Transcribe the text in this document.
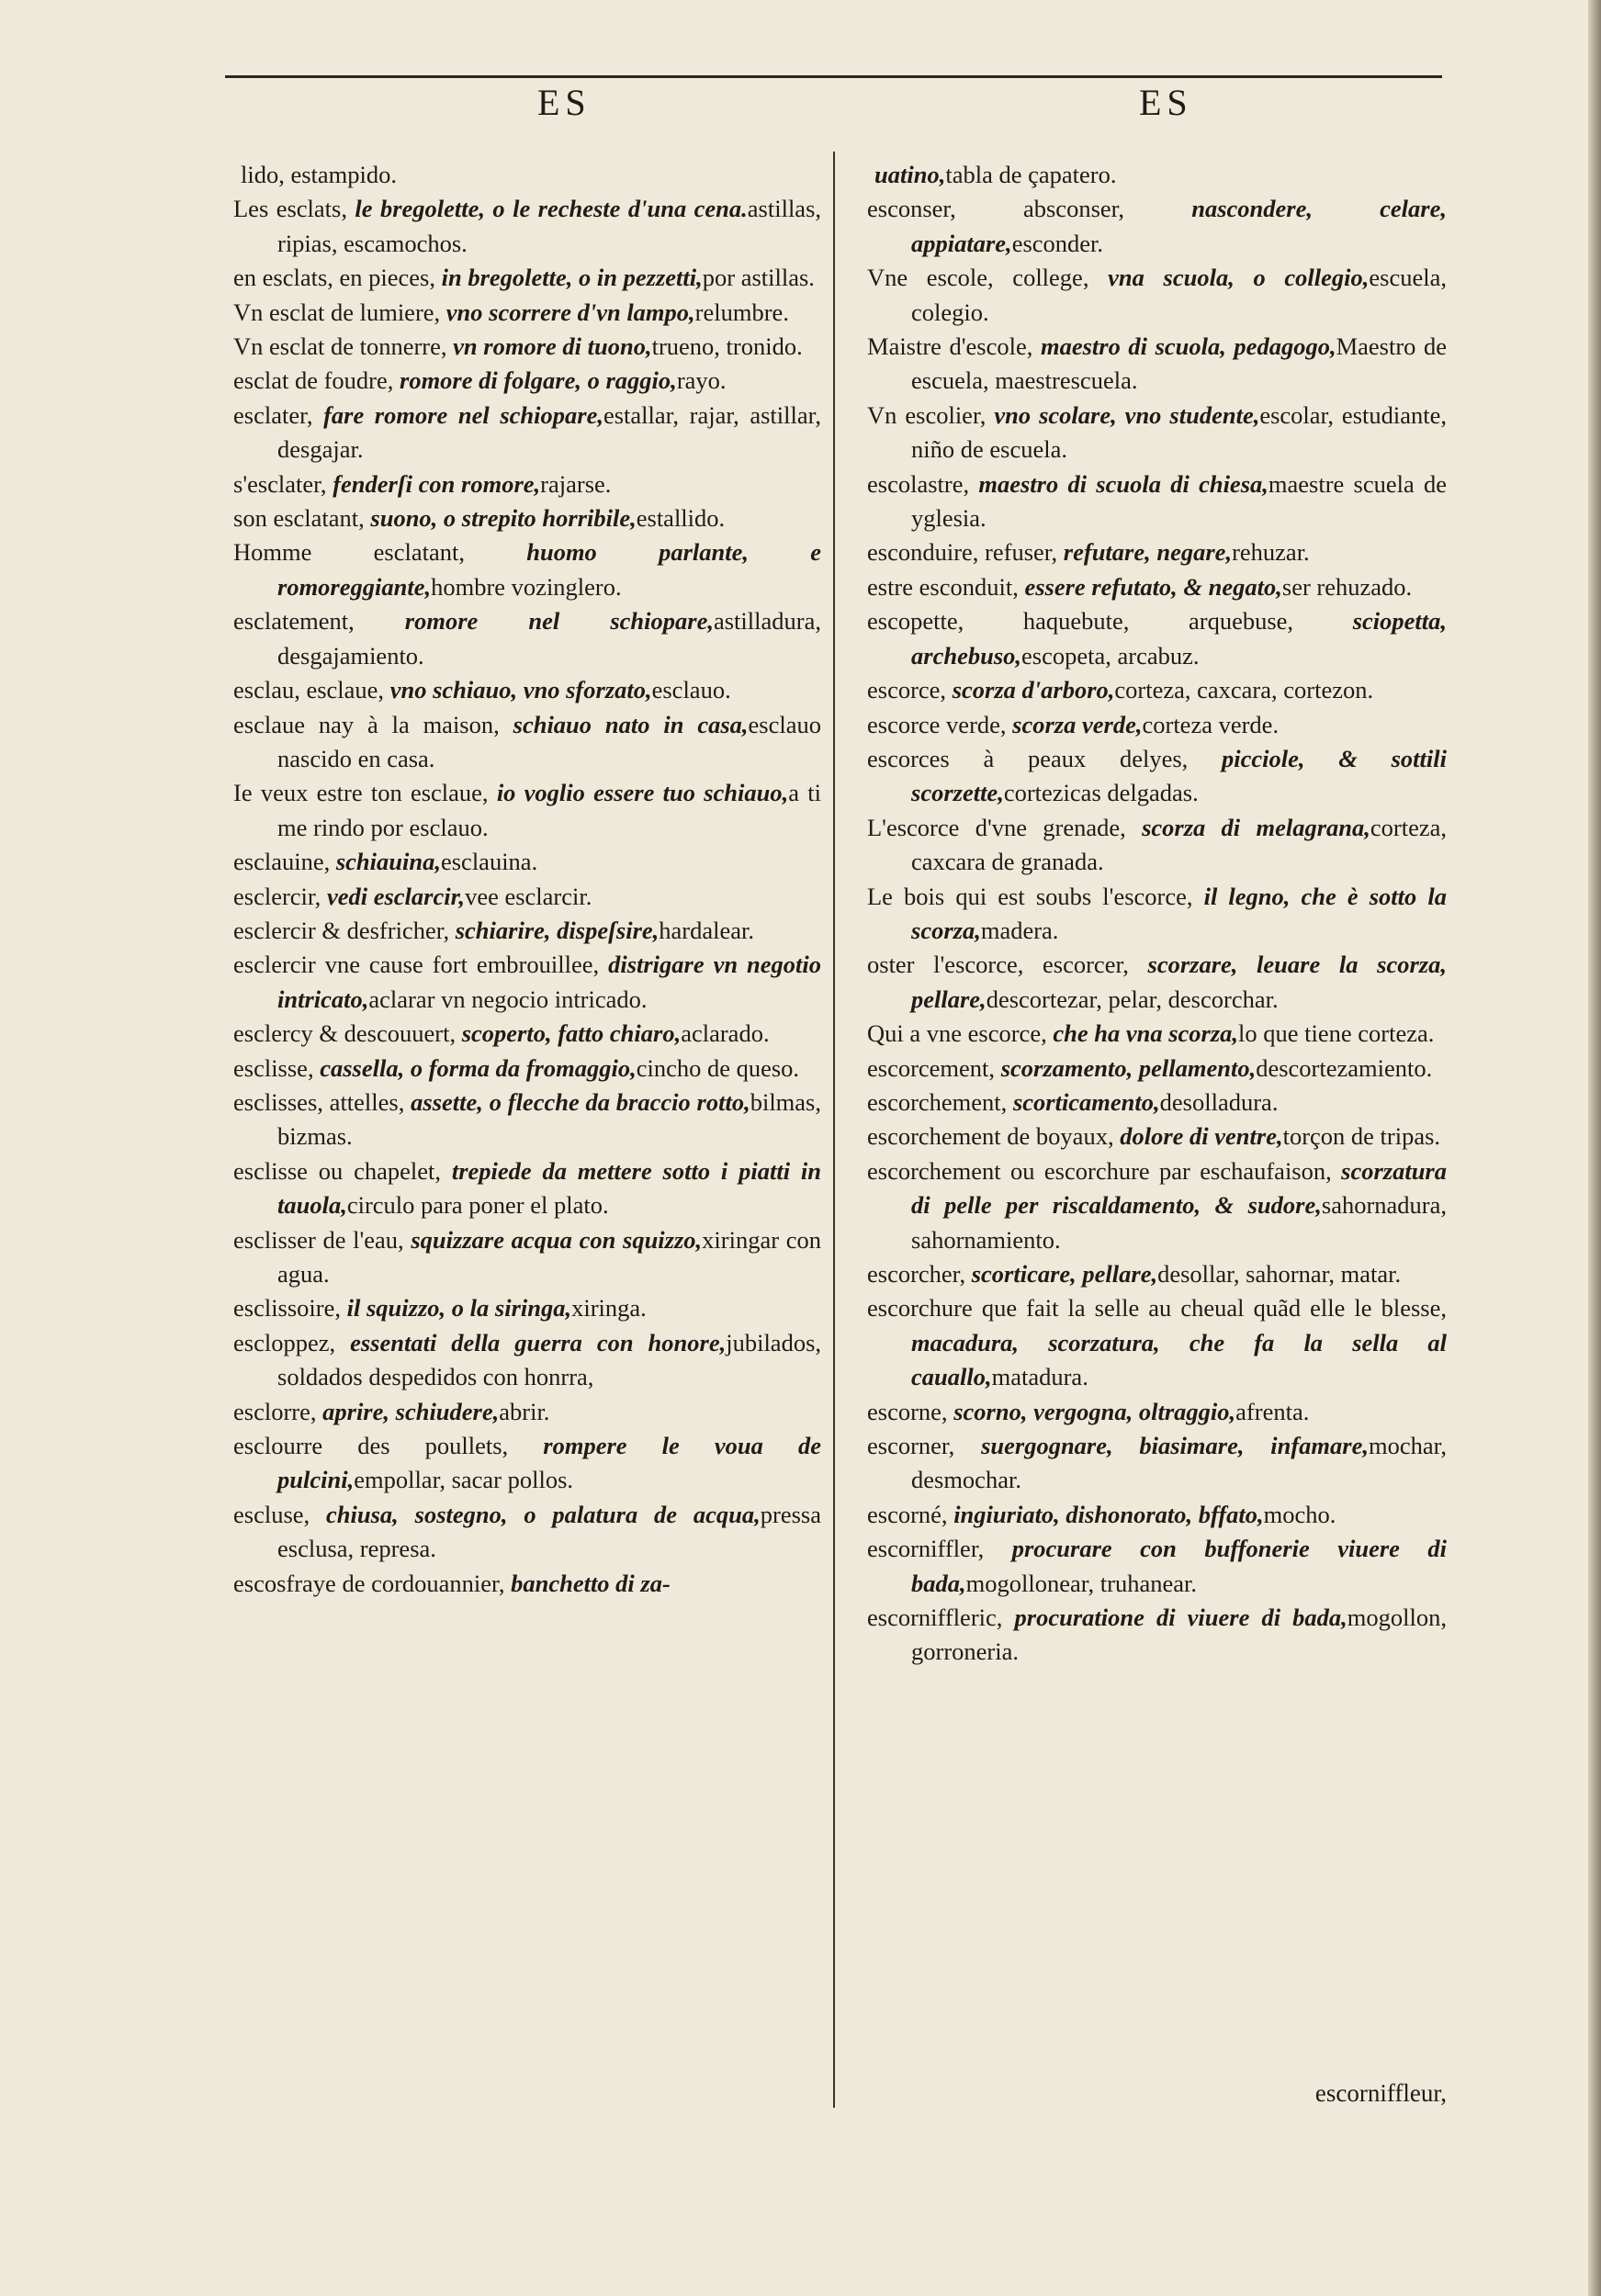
ES	ES

lido, estampido.

Les esclats, le bregolette, o le recheste d'una cena.astillas, ripias, escamochos.

en esclats, en pieces, in bregolette, o in pezzetti,por astillas.

Vn esclat de lumiere, vno scorrere d'vn lampo,relumbre.

Vn esclat de tonnerre, vn romore di tuono,trueno, tronido.

esclat de foudre, romore di folgare, o raggio,rayo.

esclater, fare romore nel schiopare,estallar, rajar, astillar, desgajar.

s'esclater, fenderſi con romore,rajarse.

son esclatant, suono, o strepito horribile,estallido.

Homme esclatant, huomo parlante, e romoreggiante,hombre vozinglero.

esclatement, romore nel schiopare,astilladura, desgajamiento.

esclau, esclaue, vno schiauo, vno sforzato,esclauo.

esclaue nay à la maison, schiauo nato in casa,esclauo nascido en casa.

Ie veux estre ton esclaue, io voglio essere tuo schiauo,a ti me rindo por esclauo.

esclauine, schiauina,esclauina.

esclercir, vedi esclarcir,vee esclarcir.

esclercir & desfricher, schiarire, dispeſsire,hardalear.

esclercir vne cause fort embrouillee, distrigare vn negotio intricato,aclarar vn negocio intricado.

esclercy & descouuert, scoperto, fatto chiaro,aclarado.

esclisse, cassella, o forma da fromaggio,cincho de queso.

esclisses, attelles, assette, o flecche da braccio rotto,bilmas, bizmas.

esclisse ou chapelet, trepiede da mettere sotto i piatti in tauola,circulo para poner el plato.

esclisser de l'eau, squizzare acqua con squizzo,xiringar con agua.

esclissoire, il squizzo, o la siringa,xiringa.

escloppez, essentati della guerra con honore,jubilados, soldados despedidos con honrra,

esclorre, aprire, schiudere,abrir.

esclourre des poullets, rompere le voua de pulcini,empollar, sacar pollos.

escluse, chiusa, sostegno, o palatura de acqua,pressa esclusa, represa.

escosfraye de cordouannier, banchetto di za-

uatino,tabla de çapatero.

esconser, absconser, nascondere, celare, appiatare,esconder.

Vne escole, college, vna scuola, o collegio,escuela, colegio.

Maistre d'escole, maestro di scuola, pedagogo,Maestro de escuela, maestrescuela.

Vn escolier, vno scolare, vno studente,escolar, estudiante, niño de escuela.

escolastre, maestro di scuola di chiesa,maestre scuela de yglesia.

esconduire, refuser, refutare, negare,rehuzar.

estre esconduit, essere refutato, & negato,ser rehuzado.

escopette, haquebute, arquebuse, sciopetta, archebuso,escopeta, arcabuz.

escorce, scorza d'arboro,corteza, caxcara, cortezon.

escorce verde, scorza verde,corteza verde.

escorces à peaux delyes, picciole, & sottili scorzette,cortezicas delgadas.

L'escorce d'vne grenade, scorza di melagrana,corteza, caxcara de granada.

Le bois qui est soubs l'escorce, il legno, che è sotto la scorza,madera.

oster l'escorce, escorcer, scorzare, leuare la scorza, pellare,descortezar, pelar, descorchar.

Qui a vne escorce, che ha vna scorza,lo que tiene corteza.

escorcement, scorzamento, pellamento,descortezamiento.

escorchement, scorticamento,desolladura.

escorchement de boyaux, dolore di ventre,torçon de tripas.

escorchement ou escorchure par eschaufaison, scorzatura di pelle per riscaldamento, & sudore,sahornadura, sahornamiento.

escorcher, scorticare, pellare,desollar, sahornar, matar.

escorchure que fait la selle au cheual quãd elle le blesse, macadura, scorzatura, che fa la sella al cauallo,matadura.

escorne, scorno, vergogna, oltraggio,afrenta.

escorner, suergognare, biasimare, infamare,mochar, desmochar.

escorné, ingiuriato, dishonorato, bffato,mocho.

escorniffler, procurare con buffonerie viuere di bada,mogollonear, truhanear.

escorniffleric, procuratione di viuere di bada,mogollon, gorroneria.

escorniffleur,
